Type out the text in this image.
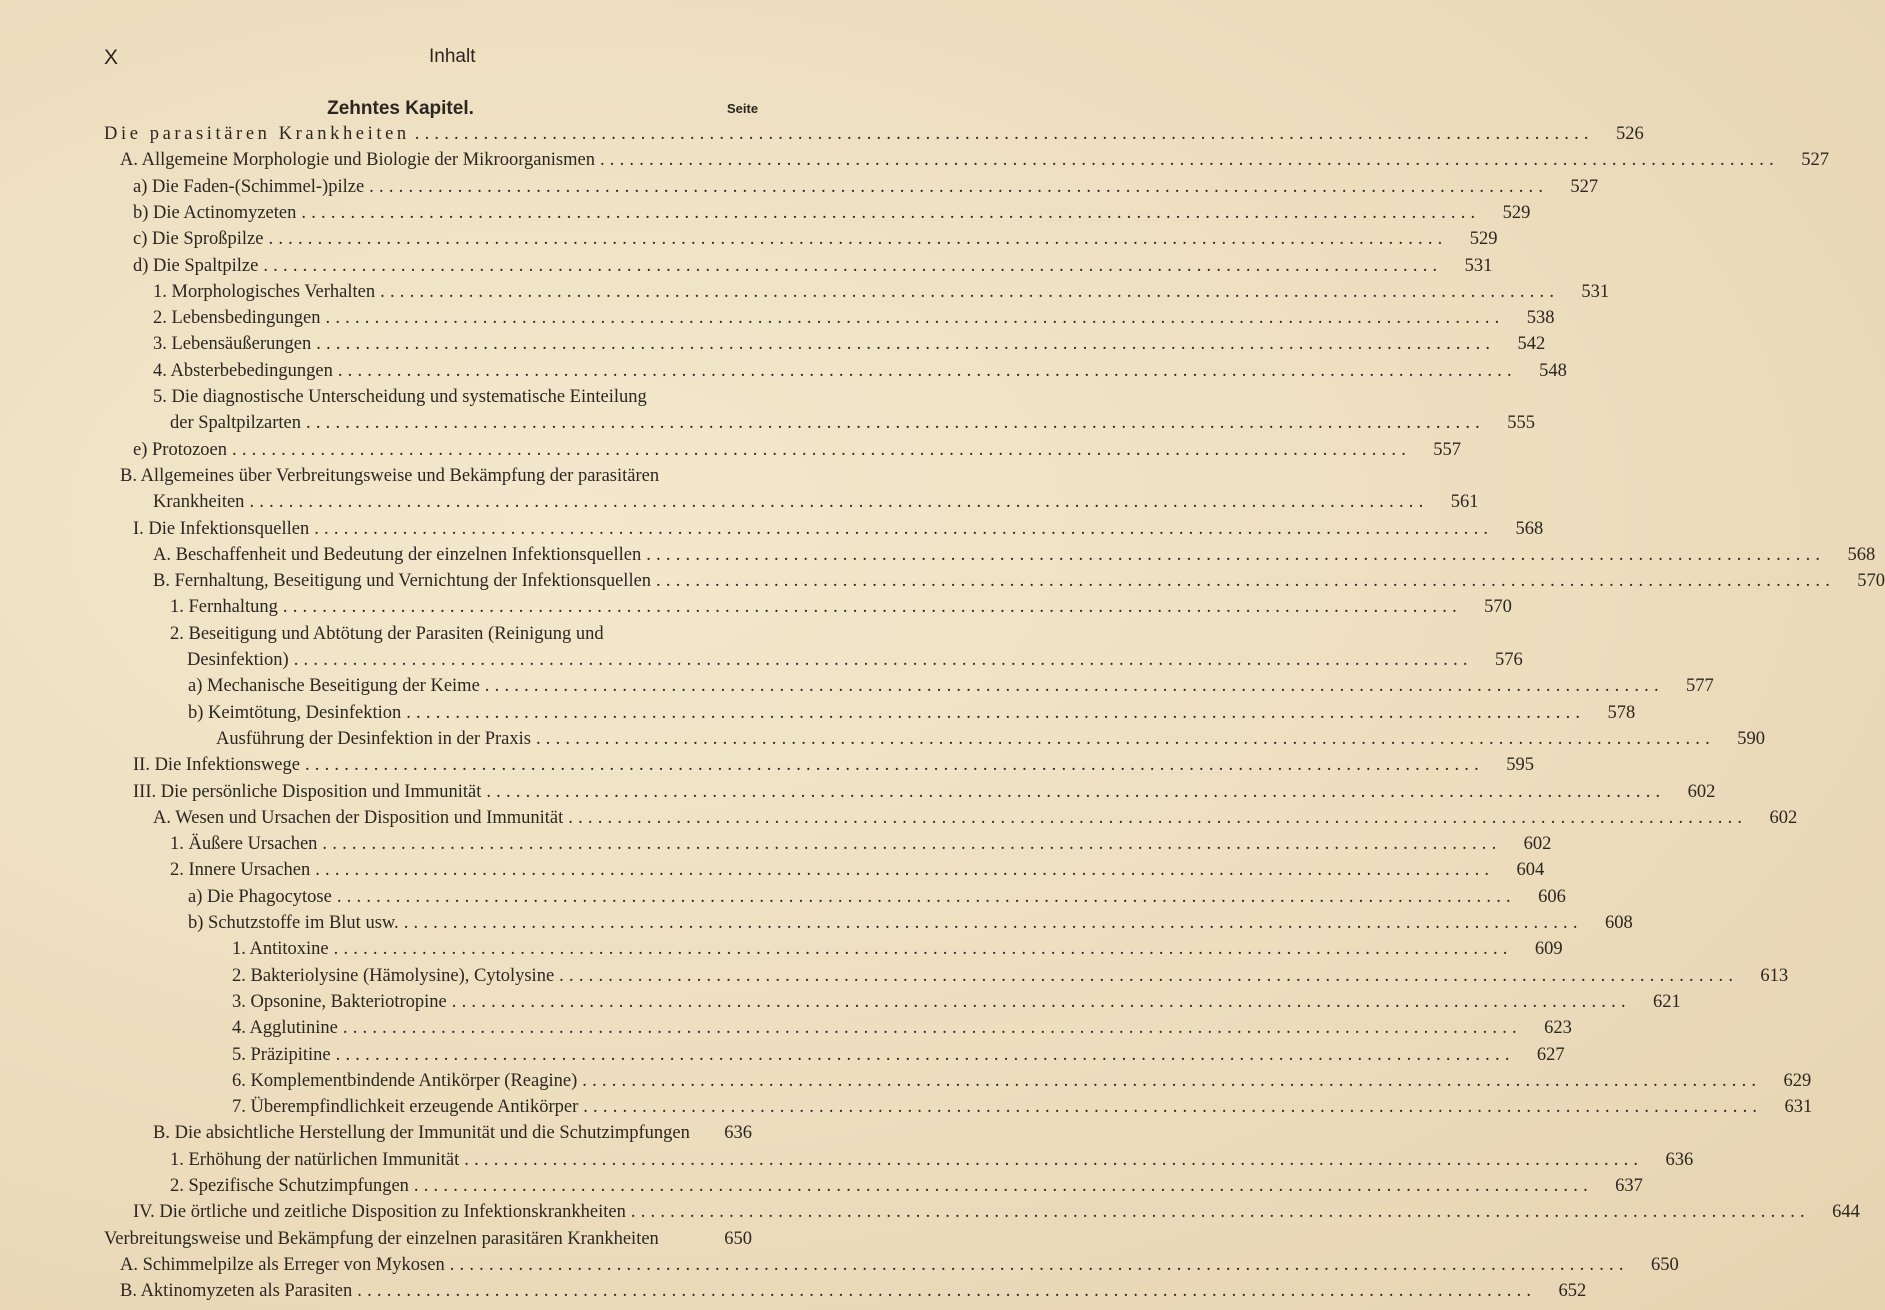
X	Inhalt
Zehntes Kapitel.	Seite
Die parasitären Krankheiten ........................................................................................................................	526
A. Allgemeine Morphologie und Biologie der Mikroorganismen ........................................................................................................................	527
a) Die Faden-(Schimmel-)pilze ........................................................................................................................	527
b) Die Actinomyzeten ........................................................................................................................	529
c) Die Sproßpilze ........................................................................................................................	529
d) Die Spaltpilze ........................................................................................................................	531
1. Morphologisches Verhalten ........................................................................................................................	531
2. Lebensbedingungen ........................................................................................................................	538
3. Lebensäußerungen ........................................................................................................................	542
4. Absterbebedingungen ........................................................................................................................	548
5. Die diagnostische Unterscheidung und systematische Einteilung
der Spaltpilzarten ........................................................................................................................	555
e) Protozoen ........................................................................................................................	557
B. Allgemeines über Verbreitungsweise und Bekämpfung der parasitären
Krankheiten ........................................................................................................................	561
I. Die Infektionsquellen ........................................................................................................................	568
A. Beschaffenheit und Bedeutung der einzelnen Infektionsquellen ........................................................................................................................	568
B. Fernhaltung, Beseitigung und Vernichtung der Infektionsquellen ........................................................................................................................	570
1. Fernhaltung ........................................................................................................................	570
2. Beseitigung und Abtötung der Parasiten (Reinigung und
Desinfektion) ........................................................................................................................	576
a) Mechanische Beseitigung der Keime ........................................................................................................................	577
b) Keimtötung, Desinfektion ........................................................................................................................	578
Ausführung der Desinfektion in der Praxis ........................................................................................................................	590
II. Die Infektionswege ........................................................................................................................	595
III. Die persönliche Disposition und Immunität ........................................................................................................................	602
A. Wesen und Ursachen der Disposition und Immunität ........................................................................................................................	602
1. Äußere Ursachen ........................................................................................................................	602
2. Innere Ursachen ........................................................................................................................	604
a) Die Phagocytose ........................................................................................................................	606
b) Schutzstoffe im Blut usw. ........................................................................................................................	608
1. Antitoxine ........................................................................................................................	609
2. Bakteriolysine (Hämolysine), Cytolysine ........................................................................................................................	613
3. Opsonine, Bakteriotropine ........................................................................................................................	621
4. Agglutinine ........................................................................................................................	623
5. Präzipitine ........................................................................................................................	627
6. Komplementbindende Antikörper (Reagine) ........................................................................................................................	629
7. Überempfindlichkeit erzeugende Antikörper ........................................................................................................................	631
B. Die absichtliche Herstellung der Immunität und die Schutzimpfungen	636
1. Erhöhung der natürlichen Immunität ........................................................................................................................	636
2. Spezifische Schutzimpfungen ........................................................................................................................	637
IV. Die örtliche und zeitliche Disposition zu Infektionskrankheiten ........................................................................................................................	644
Verbreitungsweise und Bekämpfung der einzelnen parasitären Krankheiten	650
A. Schimmelpilze als Erreger von Mykosen ........................................................................................................................	650
B. Aktinomyzeten als Parasiten ........................................................................................................................	652
